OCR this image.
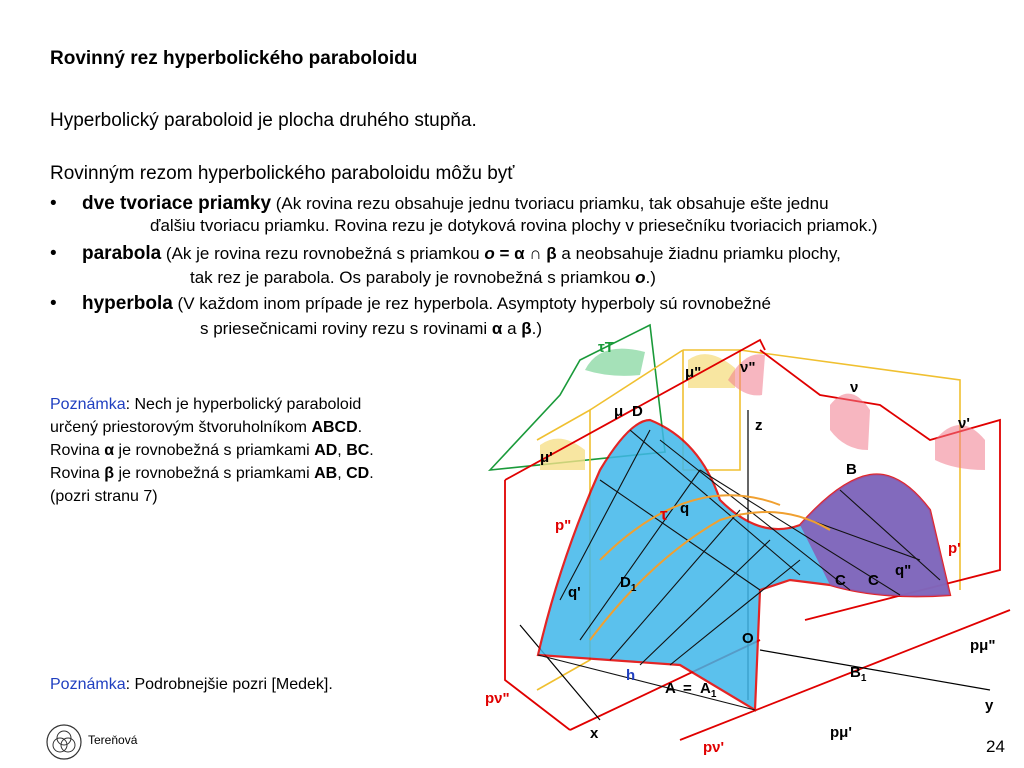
Rovinný rez hyperbolického paraboloidu
Hyperbolický paraboloid je plocha druhého stupňa.
Rovinným rezom hyperbolického paraboloidu môžu byť
• dve tvoriace priamky (Ak rovina rezu obsahuje jednu tvoriacu priamku, tak obsahuje ešte jednu
ďalšiu tvoriacu priamku. Rovina rezu je dotyková rovina plochy v priesečníku tvoriacich priamok.)
• parabola (Ak je rovina rezu rovnobežná s priamkou o = α ∩ β a neobsahuje žiadnu priamku plochy,
tak rez je parabola. Os paraboly je rovnobežná s priamkou o.)
• hyperbola (V každom inom prípade je rez hyperbola. Asymptoty hyperboly sú rovnobežné
s priesečnicami roviny rezu s rovinami α a β.)
Poznámka: Nech je hyperbolický paraboloid
určený priestorovým štvoruholníkom ABCD.
Rovina α je rovnobežná s priamkami AD, BC.
Rovina β je rovnobežná s priamkami AB, CD.
(pozri stranu 7)
Poznámka: Podrobnejšie pozri [Medek].
Tereňová	24
τT
μ"	ν"
ν
ν'
μ'
μ D
z
B
q
τ
p"
p'
q"
q'
$D_1$	C C
O	pμ"
$B_1$
h
$A = A_1$
pν"	y
x	pμ'
pν'
